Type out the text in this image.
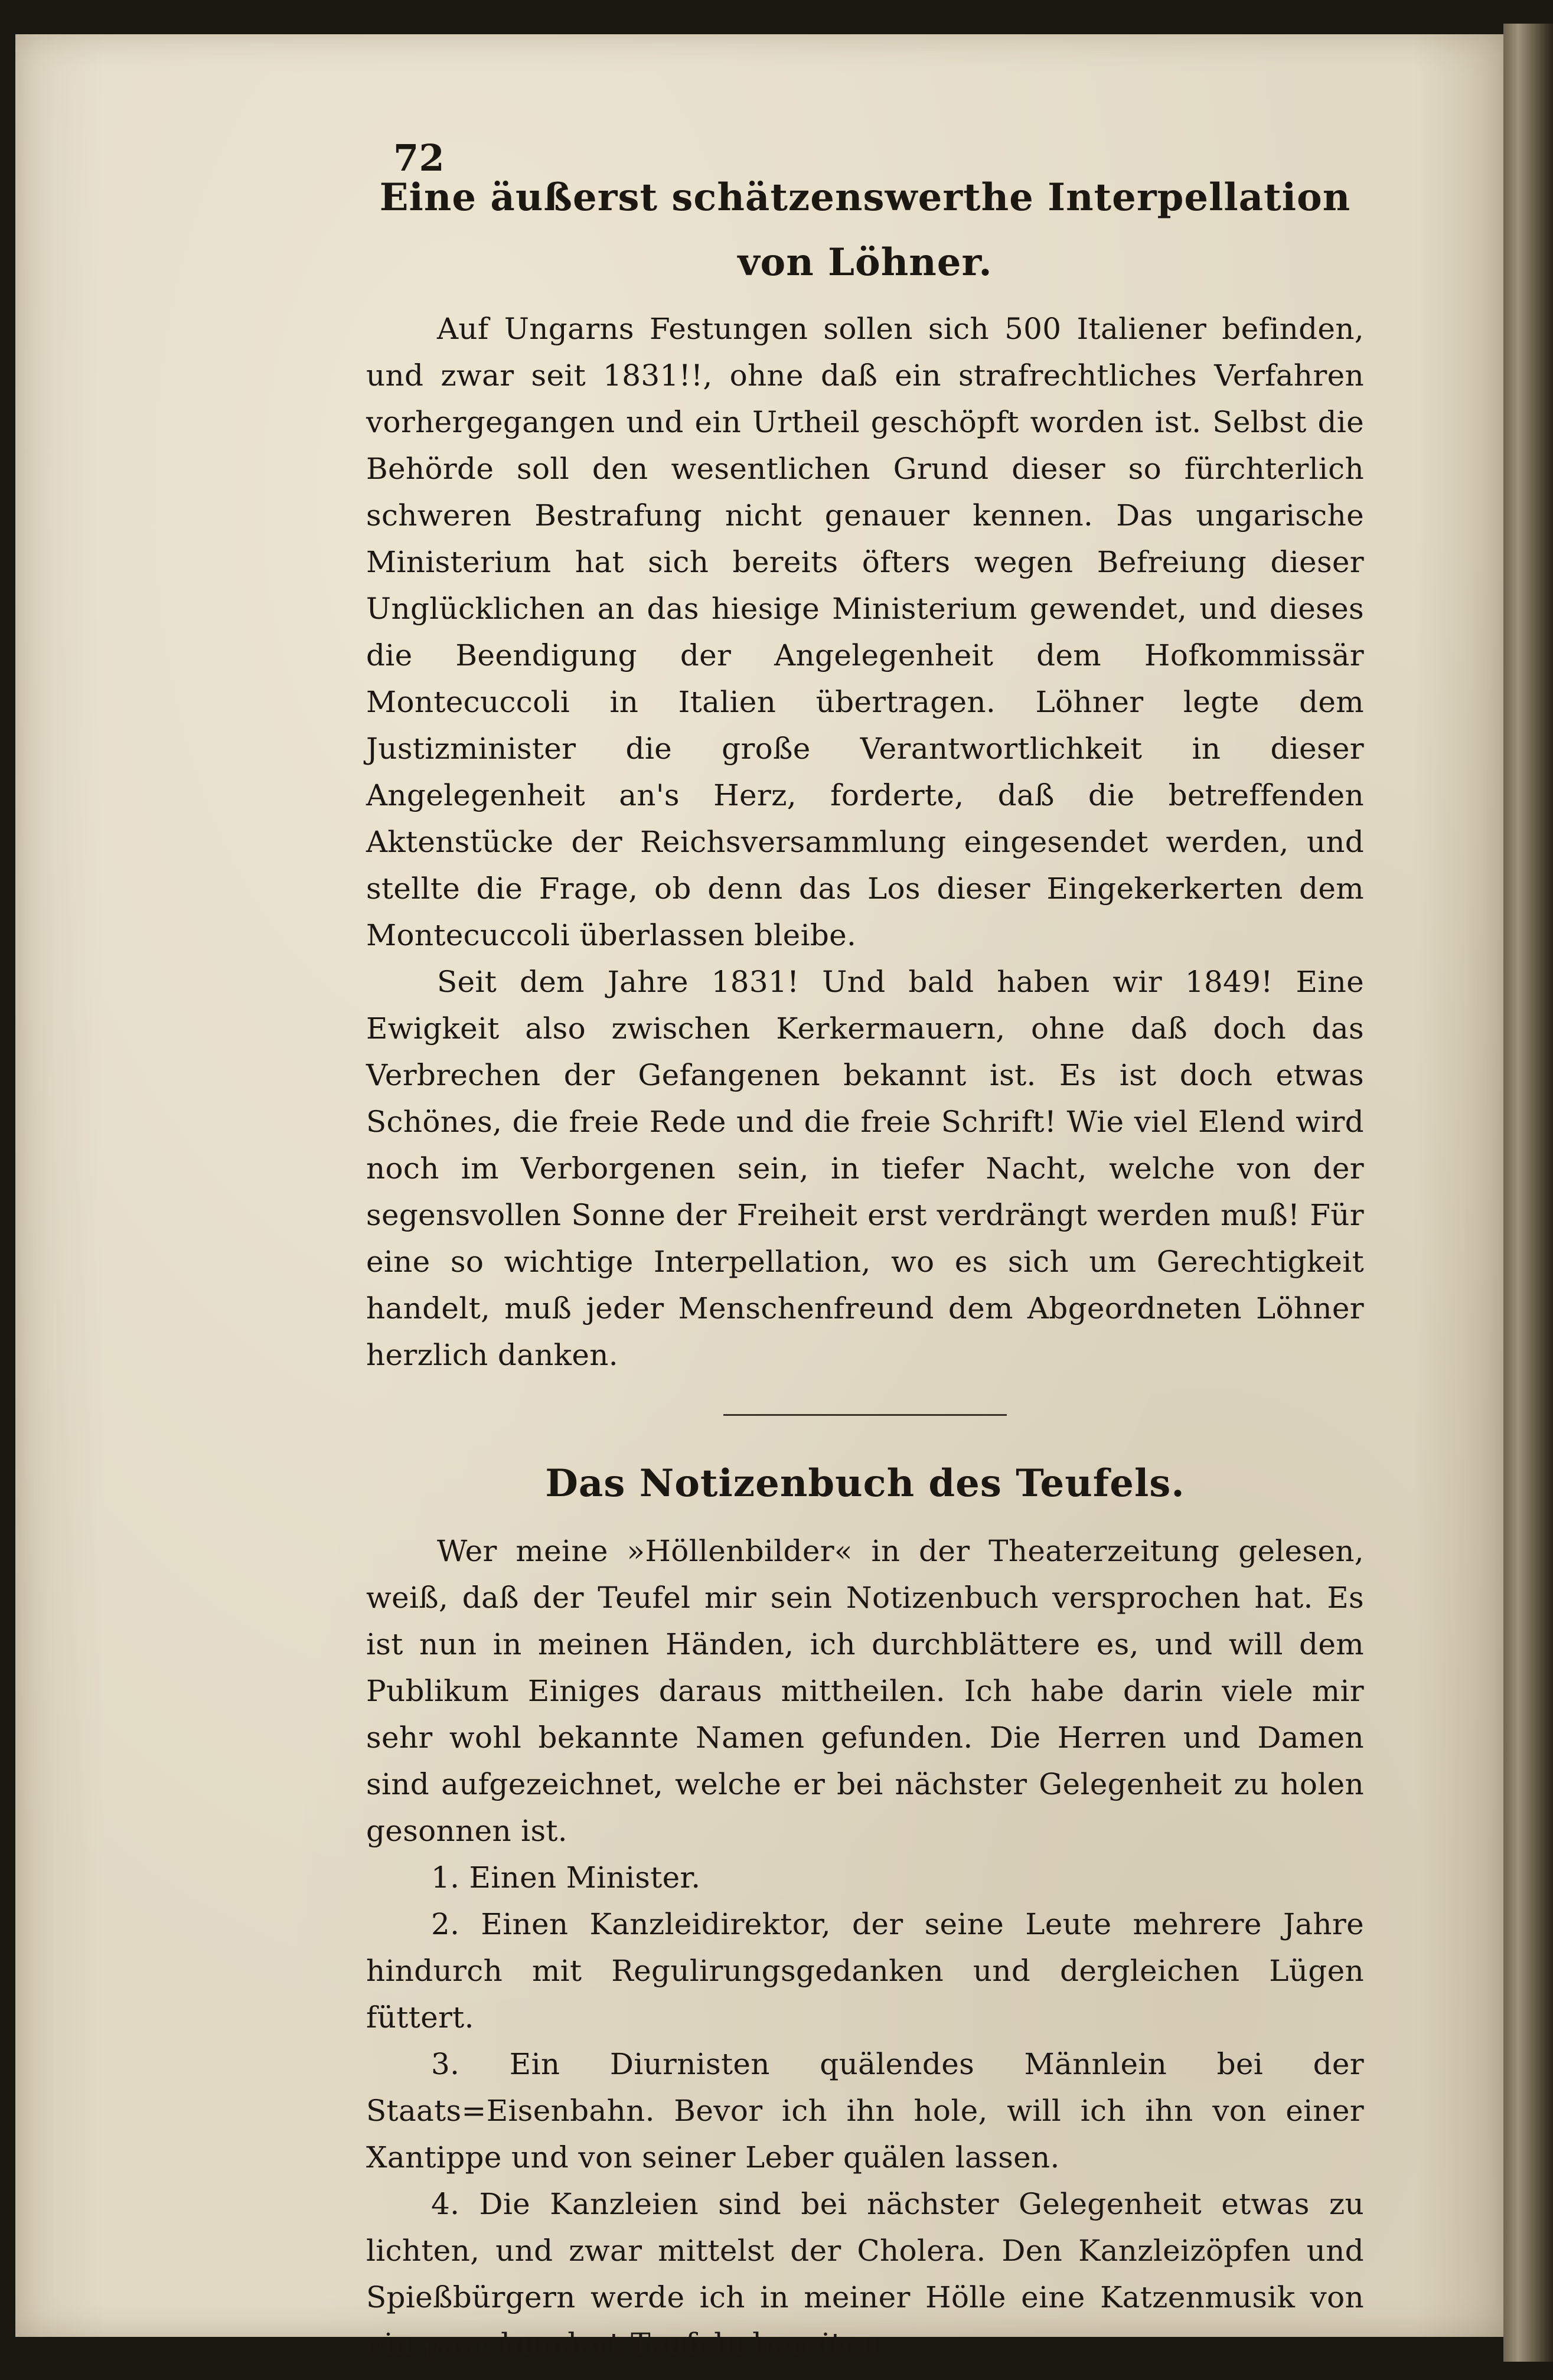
72

Eine äußerst schätzenswerthe Interpellation von Löhner.

Auf Ungarns Festungen sollen sich 500 Italiener befinden, und zwar seit 1831!!, ohne daß ein strafrechtliches Verfahren vorhergegangen und ein Urtheil geschöpft worden ist. Selbst die Behörde soll den wesentlichen Grund dieser so fürchterlich schweren Bestrafung nicht genauer kennen. Das ungarische Ministerium hat sich bereits öfters wegen Befreiung dieser Unglücklichen an das hiesige Ministerium gewendet, und dieses die Beendigung der Angelegenheit dem Hofkommissär Montecuccoli in Italien übertragen. Löhner legte dem Justizminister die große Verantwortlichkeit in dieser Angelegenheit an's Herz, forderte, daß die betreffenden Aktenstücke der Reichsversammlung eingesendet werden, und stellte die Frage, ob denn das Los dieser Eingekerkerten dem Montecuccoli überlassen bleibe.

Seit dem Jahre 1831! Und bald haben wir 1849! Eine Ewigkeit also zwischen Kerkermauern, ohne daß doch das Verbrechen der Gefangenen bekannt ist. Es ist doch etwas Schönes, die freie Rede und die freie Schrift! Wie viel Elend wird noch im Verborgenen sein, in tiefer Nacht, welche von der segensvollen Sonne der Freiheit erst verdrängt werden muß! Für eine so wichtige Interpellation, wo es sich um Gerechtigkeit handelt, muß jeder Menschenfreund dem Abgeordneten Löhner herzlich danken.

Das Notizenbuch des Teufels.

Wer meine »Höllenbilder« in der Theaterzeitung gelesen, weiß, daß der Teufel mir sein Notizenbuch versprochen hat. Es ist nun in meinen Händen, ich durchblättere es, und will dem Publikum Einiges daraus mittheilen. Ich habe darin viele mir sehr wohl bekannte Namen gefunden. Die Herren und Damen sind aufgezeichnet, welche er bei nächster Gelegenheit zu holen gesonnen ist.

1. Einen Minister.

2. Einen Kanzleidirektor, der seine Leute mehrere Jahre hindurch mit Regulirungsgedanken und dergleichen Lügen füttert.

3. Ein Diurnisten quälendes Männlein bei der Staats=Eisenbahn. Bevor ich ihn hole, will ich ihn von einer Xantippe und von seiner Leber quälen lassen.

4. Die Kanzleien sind bei nächster Gelegenheit etwas zu lichten, und zwar mittelst der Cholera. Den Kanzleizöpfen und Spießbürgern werde ich in meiner Hölle eine Katzenmusik von ein paar hundert Teufeln bereiten.
